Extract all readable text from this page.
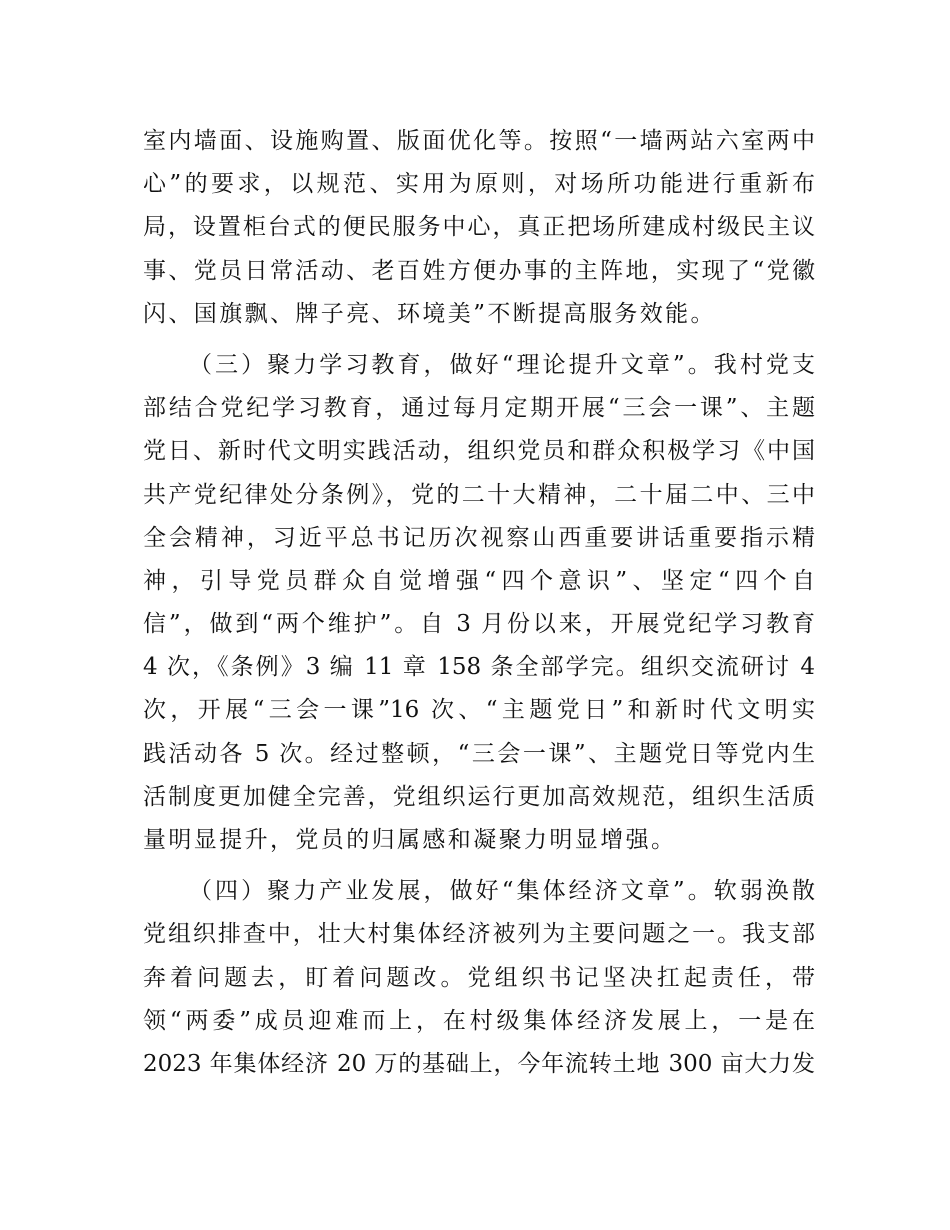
室内墙面、设施购置、版面优化等。按照“一墙两站六室两中
心”的要求，以规范、实用为原则，对场所功能进行重新布
局，设置柜台式的便民服务中心，真正把场所建成村级民主议
事、党员日常活动、老百姓方便办事的主阵地，实现了“党徽
闪、国旗飘、牌子亮、环境美”不断提高服务效能。
（三）聚力学习教育，做好“理论提升文章”。我村党支
部结合党纪学习教育，通过每月定期开展“三会一课”、主题
党日、新时代文明实践活动，组织党员和群众积极学习《中国
共产党纪律处分条例》，党的二十大精神，二十届二中、三中
全会精神，习近平总书记历次视察山西重要讲话重要指示精
神，引导党员群众自觉增强“四个意识”、坚定“四个自
信”，做到“两个维护”。自 3 月份以来，开展党纪学习教育
4 次，《条例》3 编 11 章 158 条全部学完。组织交流研讨 4
次，开展“三会一课”16 次、“主题党日”和新时代文明实
践活动各 5 次。经过整顿，“三会一课”、主题党日等党内生
活制度更加健全完善，党组织运行更加高效规范，组织生活质
量明显提升，党员的归属感和凝聚力明显增强。
（四）聚力产业发展，做好“集体经济文章”。软弱涣散
党组织排查中，壮大村集体经济被列为主要问题之一。我支部
奔着问题去，盯着问题改。党组织书记坚决扛起责任，带
领“两委”成员迎难而上，在村级集体经济发展上，一是在
2023 年集体经济 20 万的基础上，今年流转土地 300 亩大力发
